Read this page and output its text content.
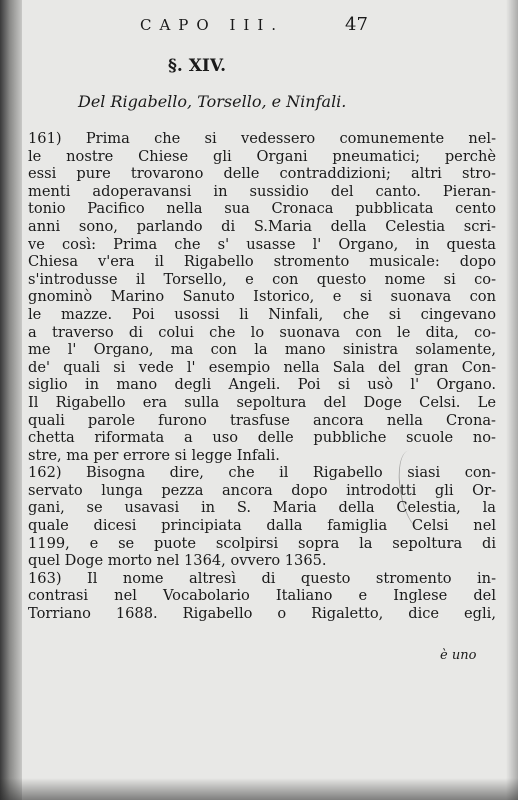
CAPO III.	47
§. XIV.
Del Rigabello, Torsello, e Ninfali.
161) Prima che si vedessero comunemente nel-
le nostre Chiese gli Organi pneumatici; perchè
essi pure trovarono delle contraddizioni; altri stro-
menti adoperavansi in sussidio del canto. Pieran-
tonio Pacifico nella sua Cronaca pubblicata cento
anni sono, parlando di S.Maria della Celestia scri-
ve così: Prima che s' usasse l' Organo, in questa
Chiesa v'era il Rigabello stromento musicale: dopo
s'introdusse il Torsello, e con questo nome si co-
gnominò Marino Sanuto Istorico, e si suonava con
le mazze. Poi usossi li Ninfali, che si cingevano
a traverso di colui che lo suonava con le dita, co-
me l' Organo, ma con la mano sinistra solamente,
de' quali si vede l' esempio nella Sala del gran Con-
siglio in mano degli Angeli. Poi si usò l' Organo.
Il Rigabello era sulla sepoltura del Doge Celsi. Le
quali parole furono trasfuse ancora nella Crona-
chetta riformata a uso delle pubbliche scuole no-
stre, ma per errore si legge Infali.
162) Bisogna dire, che il Rigabello siasi con-
servato lunga pezza ancora dopo introdotti gli Or-
gani, se usavasi in S. Maria della Celestia, la
quale dicesi principiata dalla famiglia Celsi nel
1199, e se puote scolpirsi sopra la sepoltura di
quel Doge morto nel 1364, ovvero 1365.
163) Il nome altresì di questo stromento in-
contrasi nel Vocabolario Italiano e Inglese del
Torriano 1688. Rigabello o Rigaletto, dice egli,
è uno
